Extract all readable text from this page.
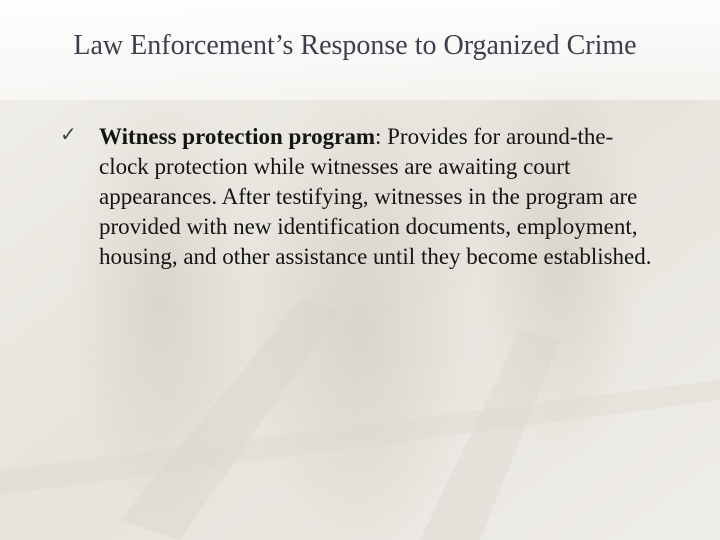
Law Enforcement’s Response to Organized Crime
✓ Witness protection program: Provides for around-the-clock protection while witnesses are awaiting court appearances. After testifying, witnesses in the program are provided with new identification documents, employment, housing, and other assistance until they become established.
